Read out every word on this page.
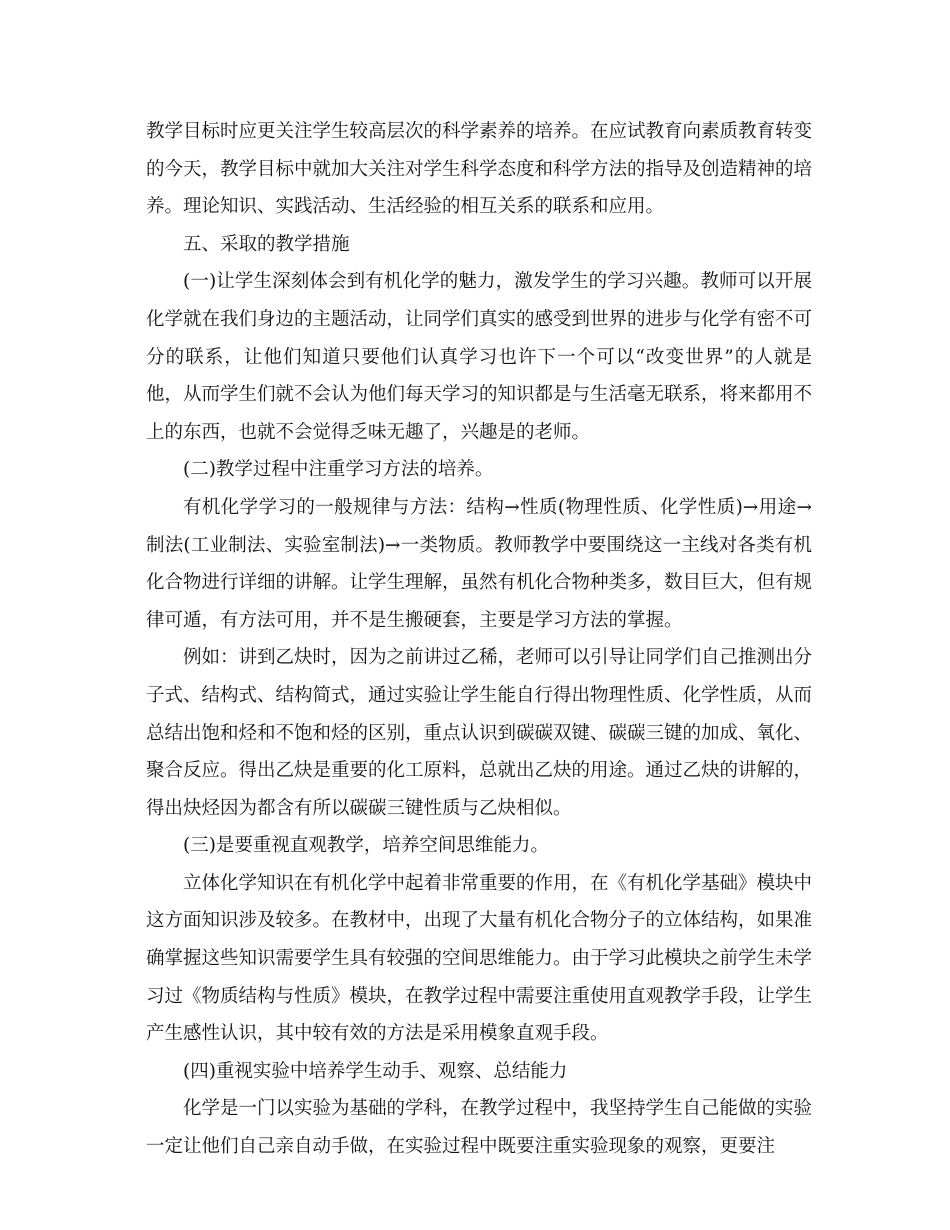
教学目标时应更关注学生较高层次的科学素养的培养。在应试教育向素质教育转变的今天，教学目标中就加大关注对学生科学态度和科学方法的指导及创造精神的培养。理论知识、实践活动、生活经验的相互关系的联系和应用。

五、采取的教学措施

(一)让学生深刻体会到有机化学的魅力，激发学生的学习兴趣。教师可以开展化学就在我们身边的主题活动，让同学们真实的感受到世界的进步与化学有密不可分的联系，让他们知道只要他们认真学习也许下一个可以“改变世界”的人就是他，从而学生们就不会认为他们每天学习的知识都是与生活毫无联系，将来都用不上的东西，也就不会觉得乏味无趣了，兴趣是的老师。

(二)教学过程中注重学习方法的培养。

有机化学学习的一般规律与方法：结构→性质(物理性质、化学性质)→用途→制法(工业制法、实验室制法)→一类物质。教师教学中要围绕这一主线对各类有机化合物进行详细的讲解。让学生理解，虽然有机化合物种类多，数目巨大，但有规律可遁，有方法可用，并不是生搬硬套，主要是学习方法的掌握。

例如：讲到乙炔时，因为之前讲过乙稀，老师可以引导让同学们自己推测出分子式、结构式、结构简式，通过实验让学生能自行得出物理性质、化学性质，从而总结出饱和烃和不饱和烃的区别，重点认识到碳碳双键、碳碳三键的加成、氧化、聚合反应。得出乙炔是重要的化工原料，总就出乙炔的用途。通过乙炔的讲解的，得出炔烃因为都含有所以碳碳三键性质与乙炔相似。

(三)是要重视直观教学，培养空间思维能力。

立体化学知识在有机化学中起着非常重要的作用，在《有机化学基础》模块中这方面知识涉及较多。在教材中，出现了大量有机化合物分子的立体结构，如果准确掌握这些知识需要学生具有较强的空间思维能力。由于学习此模块之前学生未学习过《物质结构与性质》模块，在教学过程中需要注重使用直观教学手段，让学生产生感性认识，其中较有效的方法是采用模象直观手段。

(四)重视实验中培养学生动手、观察、总结能力

化学是一门以实验为基础的学科，在教学过程中，我坚持学生自己能做的实验一定让他们自己亲自动手做，在实验过程中既要注重实验现象的观察，更要注
